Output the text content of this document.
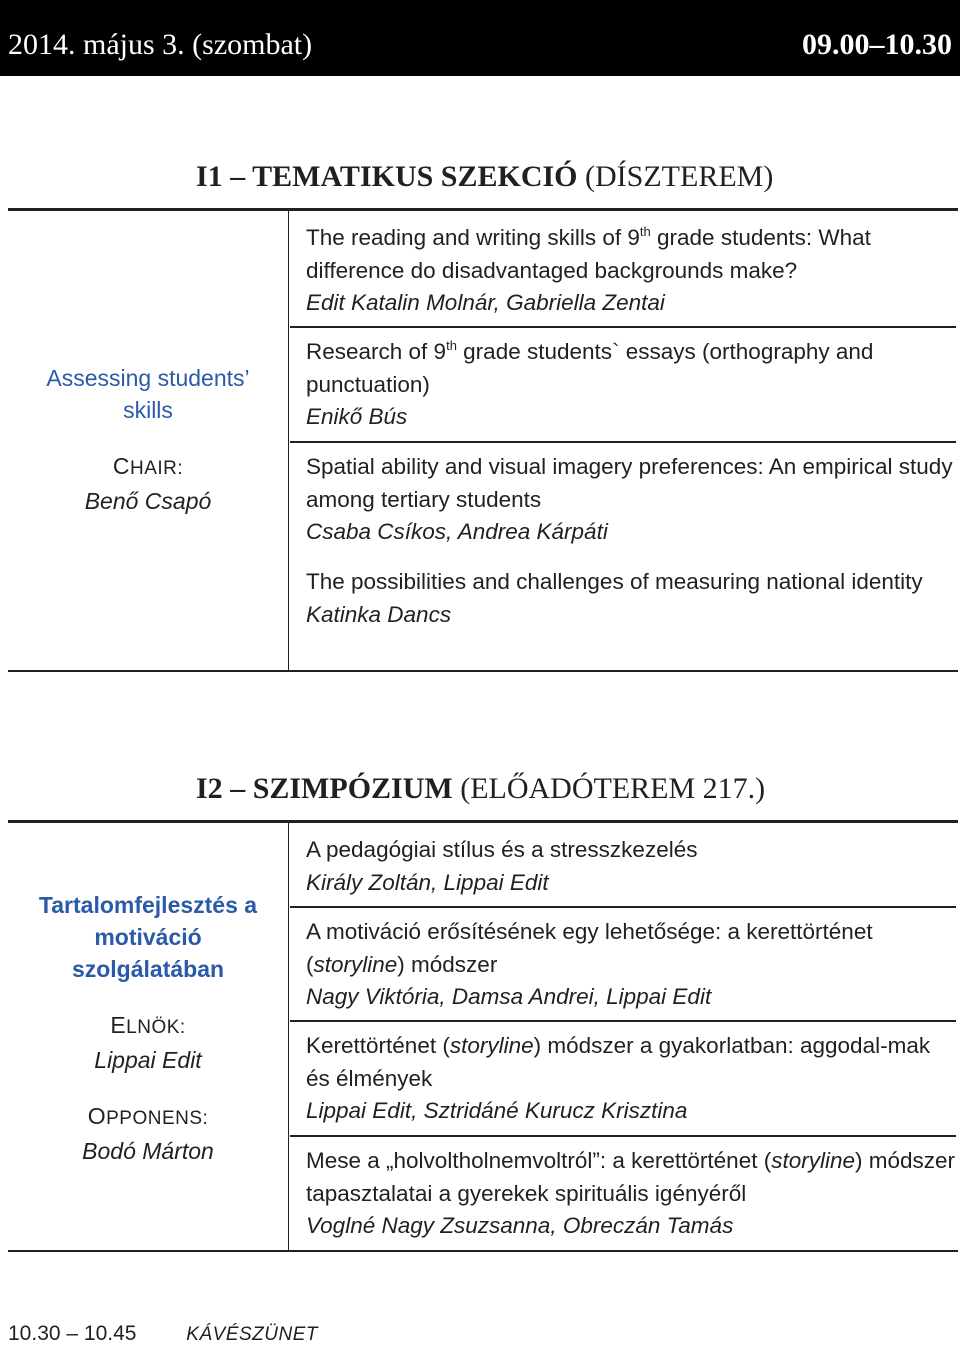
2014. május 3. (szombat)	09.00–10.30
I1 – TEMATIKUS SZEKCIÓ (DÍSZTEREM)
Assessing students’
skills
CHAIR:
Benő Csapó
The reading and writing skills of 9th grade students: What difference do disadvantaged backgrounds make?
Edit Katalin Molnár, Gabriella Zentai
Research of 9th grade students` essays (orthography and punctuation)
Enikő Bús
Spatial ability and visual imagery preferences: An empirical study among tertiary students
Csaba Csíkos, Andrea Kárpáti
The possibilities and challenges of measuring national identity
Katinka Dancs
I2 – SZIMPÓZIUM (ELŐADÓTEREM 217.)
Tartalomfejlesztés a
motiváció
szolgálatában
ELNÖK:
Lippai Edit
OPPONENS:
Bodó Márton
A pedagógiai stílus és a stresszkezelés
Király Zoltán, Lippai Edit
A motiváció erősítésének egy lehetősége: a kerettörténet (storyline) módszer
Nagy Viktória, Damsa Andrei, Lippai Edit
Kerettörténet (storyline) módszer a gyakorlatban: aggodal-mak és élmények
Lippai Edit, Sztridáné Kurucz Krisztina
Mese a „holvoltholnemvoltról”: a kerettörténet (storyline) módszer tapasztalatai a gyerekek spirituális igényéről
Voglné Nagy Zsuzsanna, Obreczán Tamás
10.30 – 10.45	KÁVÉSZÜNET
